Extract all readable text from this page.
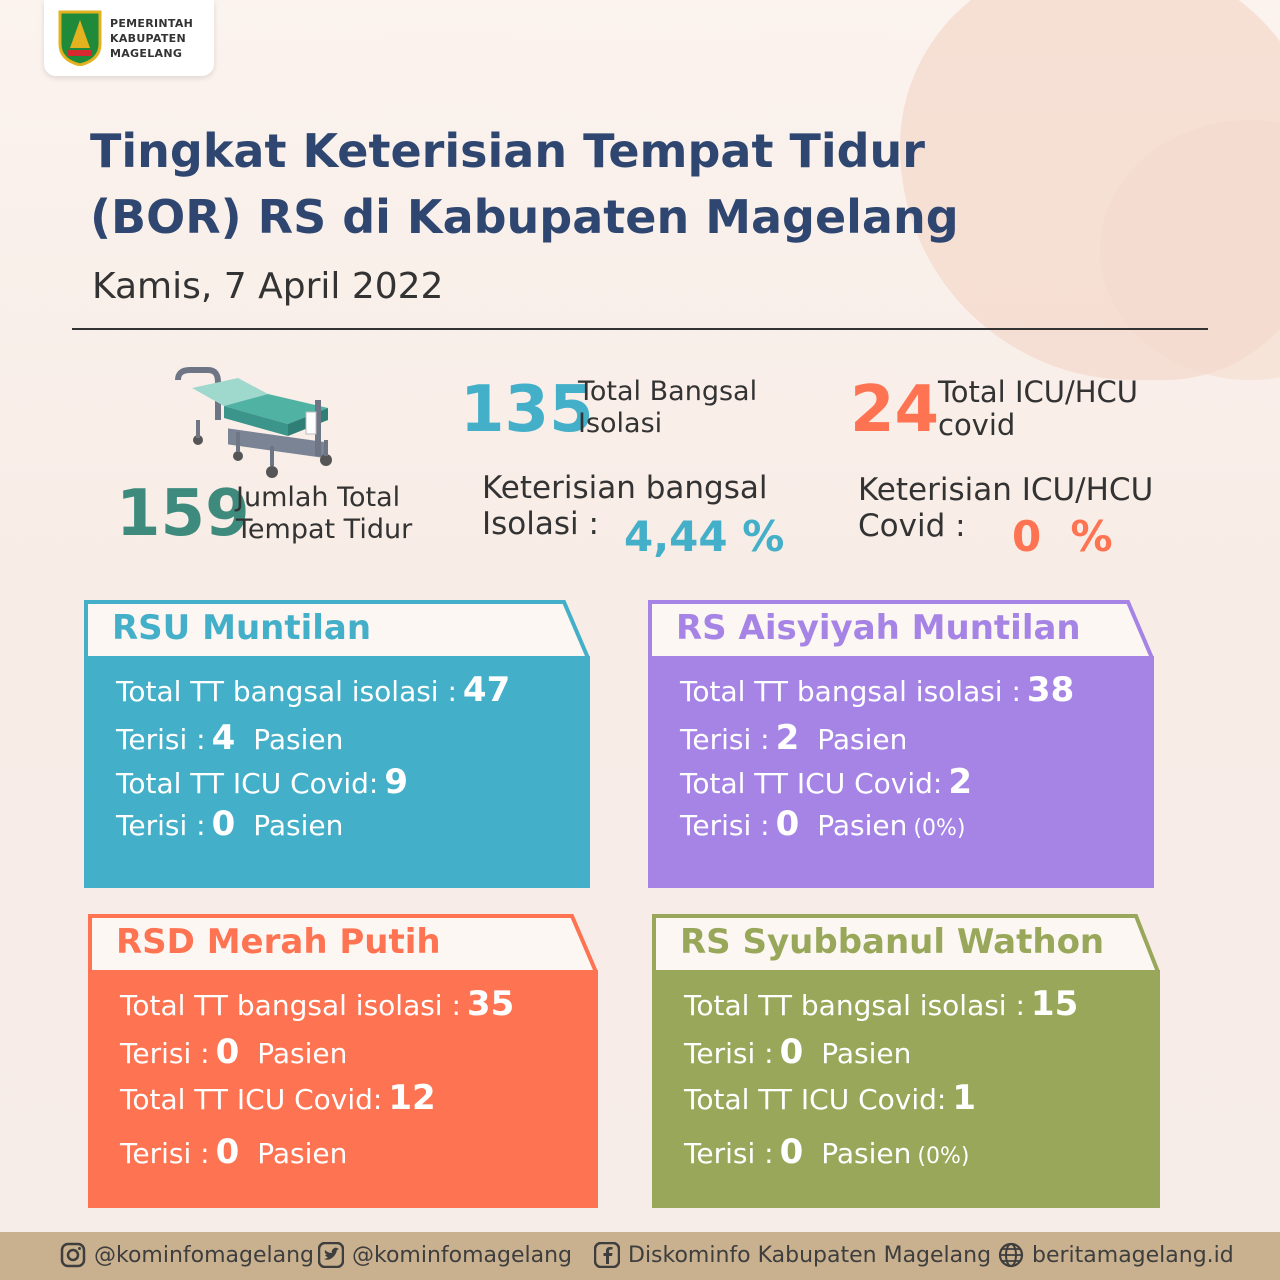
PEMERINTAH
KABUPATEN
MAGELANG
Tingkat Keterisian Tempat Tidur
(BOR) RS di Kabupaten Magelang
Kamis, 7 April 2022
159
Jumlah Total
Tempat Tidur
135
Total Bangsal
Isolasi	24
Total ICU/HCU
covid
Keterisian bangsal
Isolasi : 4,44 %
Keterisian ICU/HCU
Covid :	0  %
RSU Muntilan
Total TT bangsal isolasi : 47
Terisi : 4 Pasien
Total TT ICU Covid: 9
Terisi : 0 Pasien
RS Aisyiyah Muntilan
Total TT bangsal isolasi : 38
Terisi : 2 Pasien
Total TT ICU Covid: 2
Terisi : 0 Pasien (0%)
RSD Merah Putih
Total TT bangsal isolasi : 35
Terisi : 0 Pasien
Total TT ICU Covid: 12
Terisi : 0 Pasien
RS Syubbanul Wathon
Total TT bangsal isolasi : 15
Terisi : 0 Pasien
Total TT ICU Covid: 1
Terisi : 0 Pasien (0%)
@kominfomagelang	@kominfomagelang	Diskominfo Kabupaten Magelang	beritamagelang.id
